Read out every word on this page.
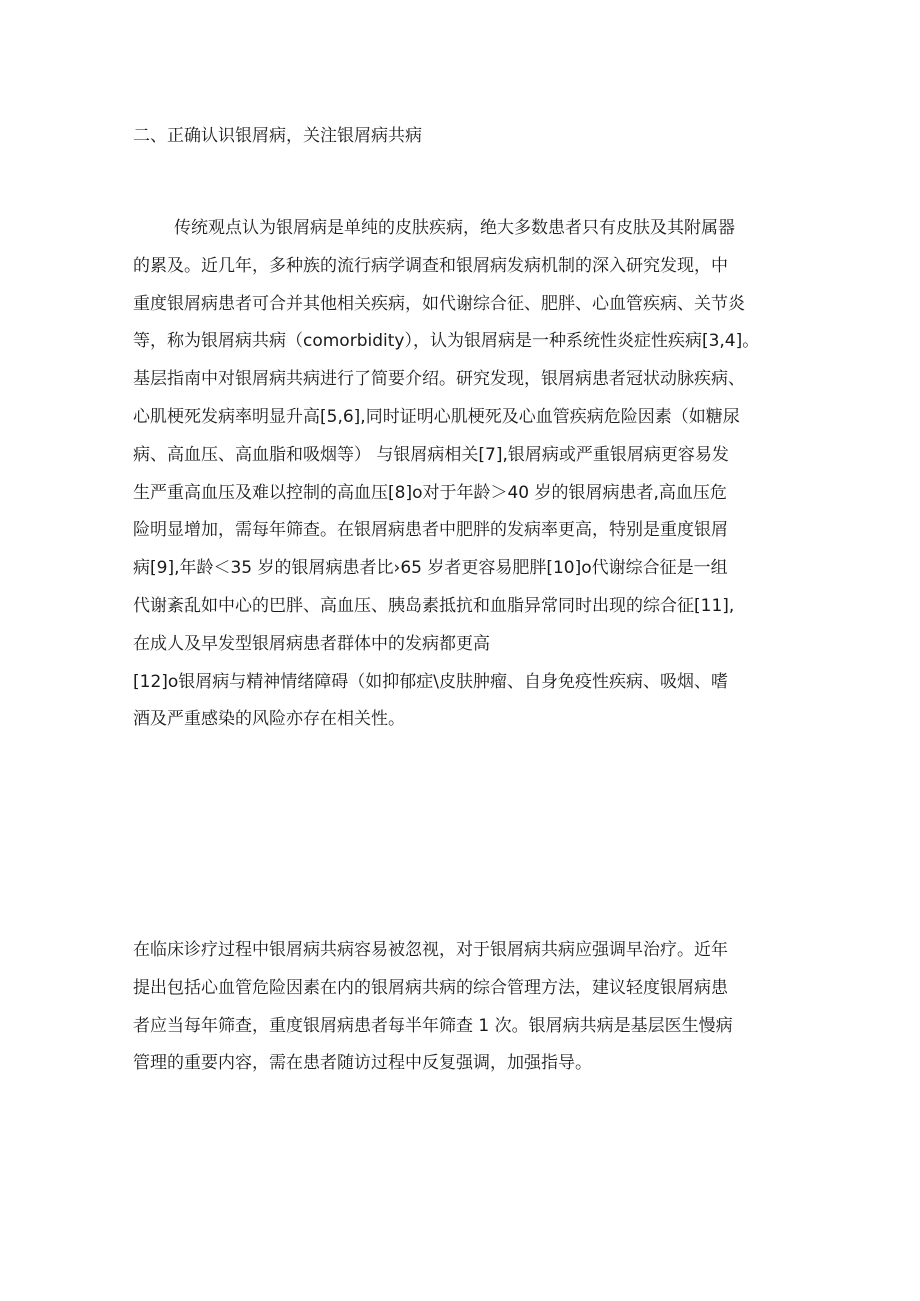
二、正确认识银屑病，关注银屑病共病
传统观点认为银屑病是单纯的皮肤疾病，绝大多数患者只有皮肤及其附属器
的累及。近几年，多种族的流行病学调查和银屑病发病机制的深入研究发现，中
重度银屑病患者可合并其他相关疾病，如代谢综合征、肥胖、心血管疾病、关节炎
等，称为银屑病共病（comorbidity），认为银屑病是一种系统性炎症性疾病[3,4]。
基层指南中对银屑病共病进行了简要介绍。研究发现，银屑病患者冠状动脉疾病、
心肌梗死发病率明显升高[5,6],同时证明心肌梗死及心血管疾病危险因素（如糖尿
病、高血压、高血脂和吸烟等） 与银屑病相关[7],银屑病或严重银屑病更容易发
生严重高血压及难以控制的高血压[8]o对于年龄＞40 岁的银屑病患者,高血压危
险明显增加，需每年筛查。在银屑病患者中肥胖的发病率更高，特别是重度银屑
病[9],年龄＜35 岁的银屑病患者比›65 岁者更容易肥胖[10]o代谢综合征是一组
代谢紊乱如中心的巴胖、高血压、胰岛素抵抗和血脂异常同时出现的综合征[11],
在成人及早发型银屑病患者群体中的发病都更高
[12]o银屑病与精神情绪障碍（如抑郁症\皮肤肿瘤、自身免疫性疾病、吸烟、嗜
酒及严重感染的风险亦存在相关性。
在临床诊疗过程中银屑病共病容易被忽视，对于银屑病共病应强调早治疗。近年
提出包括心血管危险因素在内的银屑病共病的综合管理方法，建议轻度银屑病患
者应当每年筛查，重度银屑病患者每半年筛查 1 次。银屑病共病是基层医生慢病
管理的重要内容，需在患者随访过程中反复强调，加强指导。
